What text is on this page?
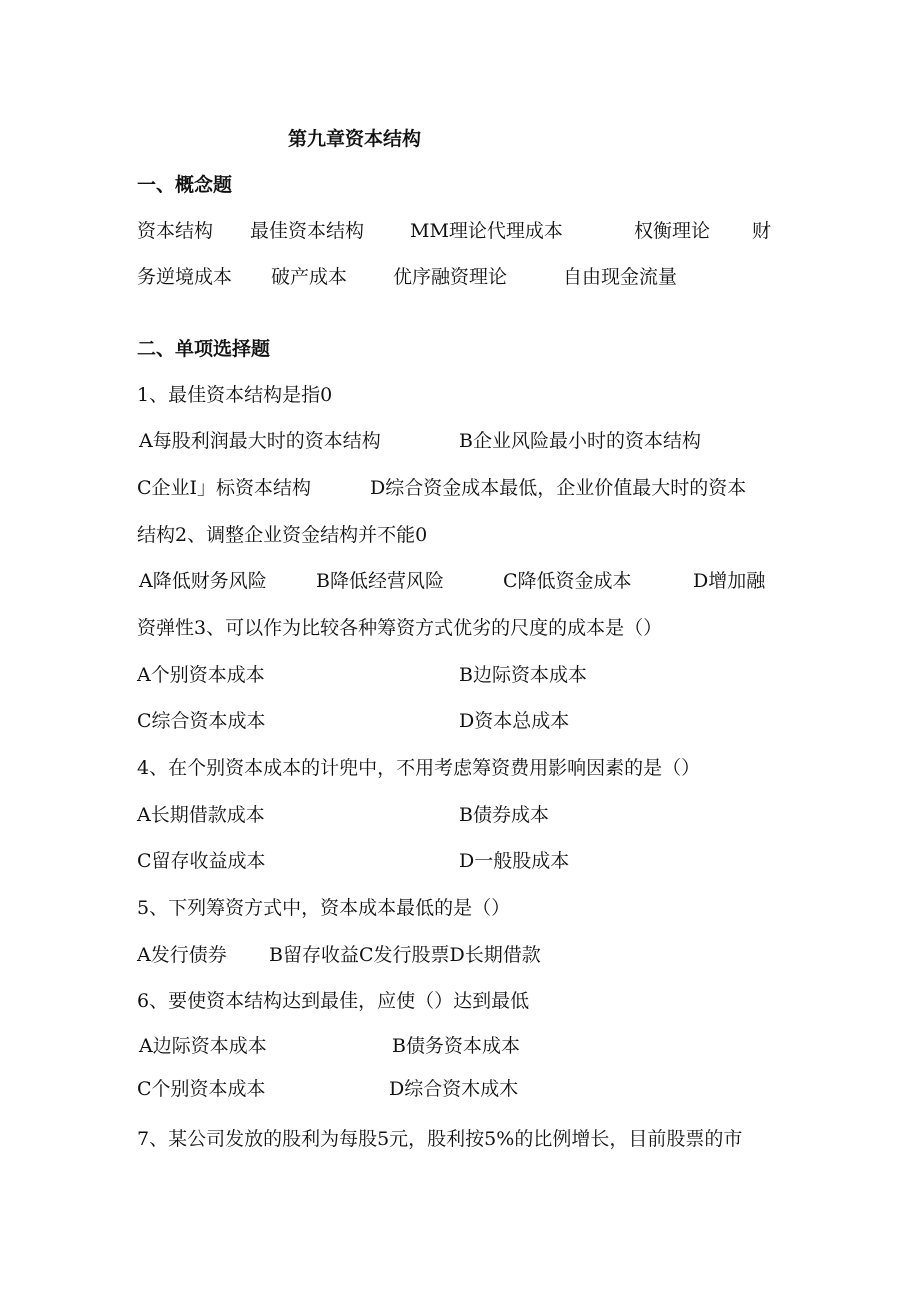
第九章资本结构
一、概念题
资本结构 最佳资本结构 MM理论代理成本	权衡理论 财
务逆境成本 破产成本 优序融资理论	自由现金流量
二、单项选择题
1、最佳资本结构是指0
A每股利润最大时的资本结构	B企业风险最小时的资本结构
C企业I」标资本结构	D综合资金成本最低，企业价值最大时的资本
结构2、调整企业资金结构并不能0
A降低财务风险	B降低经营风险	C降低资金成本	D增加融
资弹性3、可以作为比较各种筹资方式优劣的尺度的成本是（）
A个别资本成本	B边际资本成本
C综合资本成本	D资本总成本
4、在个别资本成本的计兜中，不用考虑筹资费用影响因素的是（）
A长期借款成本	B债券成本
C留存收益成本	D一般股成本
5、下列筹资方式中，资本成本最低的是（）
A发行债券 B留存收益C发行股票D长期借款
6、要使资本结构达到最佳，应使（）达到最低
A边际资本成本	B债务资本成本
C个别资本成本	D综合资木成木
7、某公司发放的股利为每股5元，股利按5%的比例增长，目前股票的市
